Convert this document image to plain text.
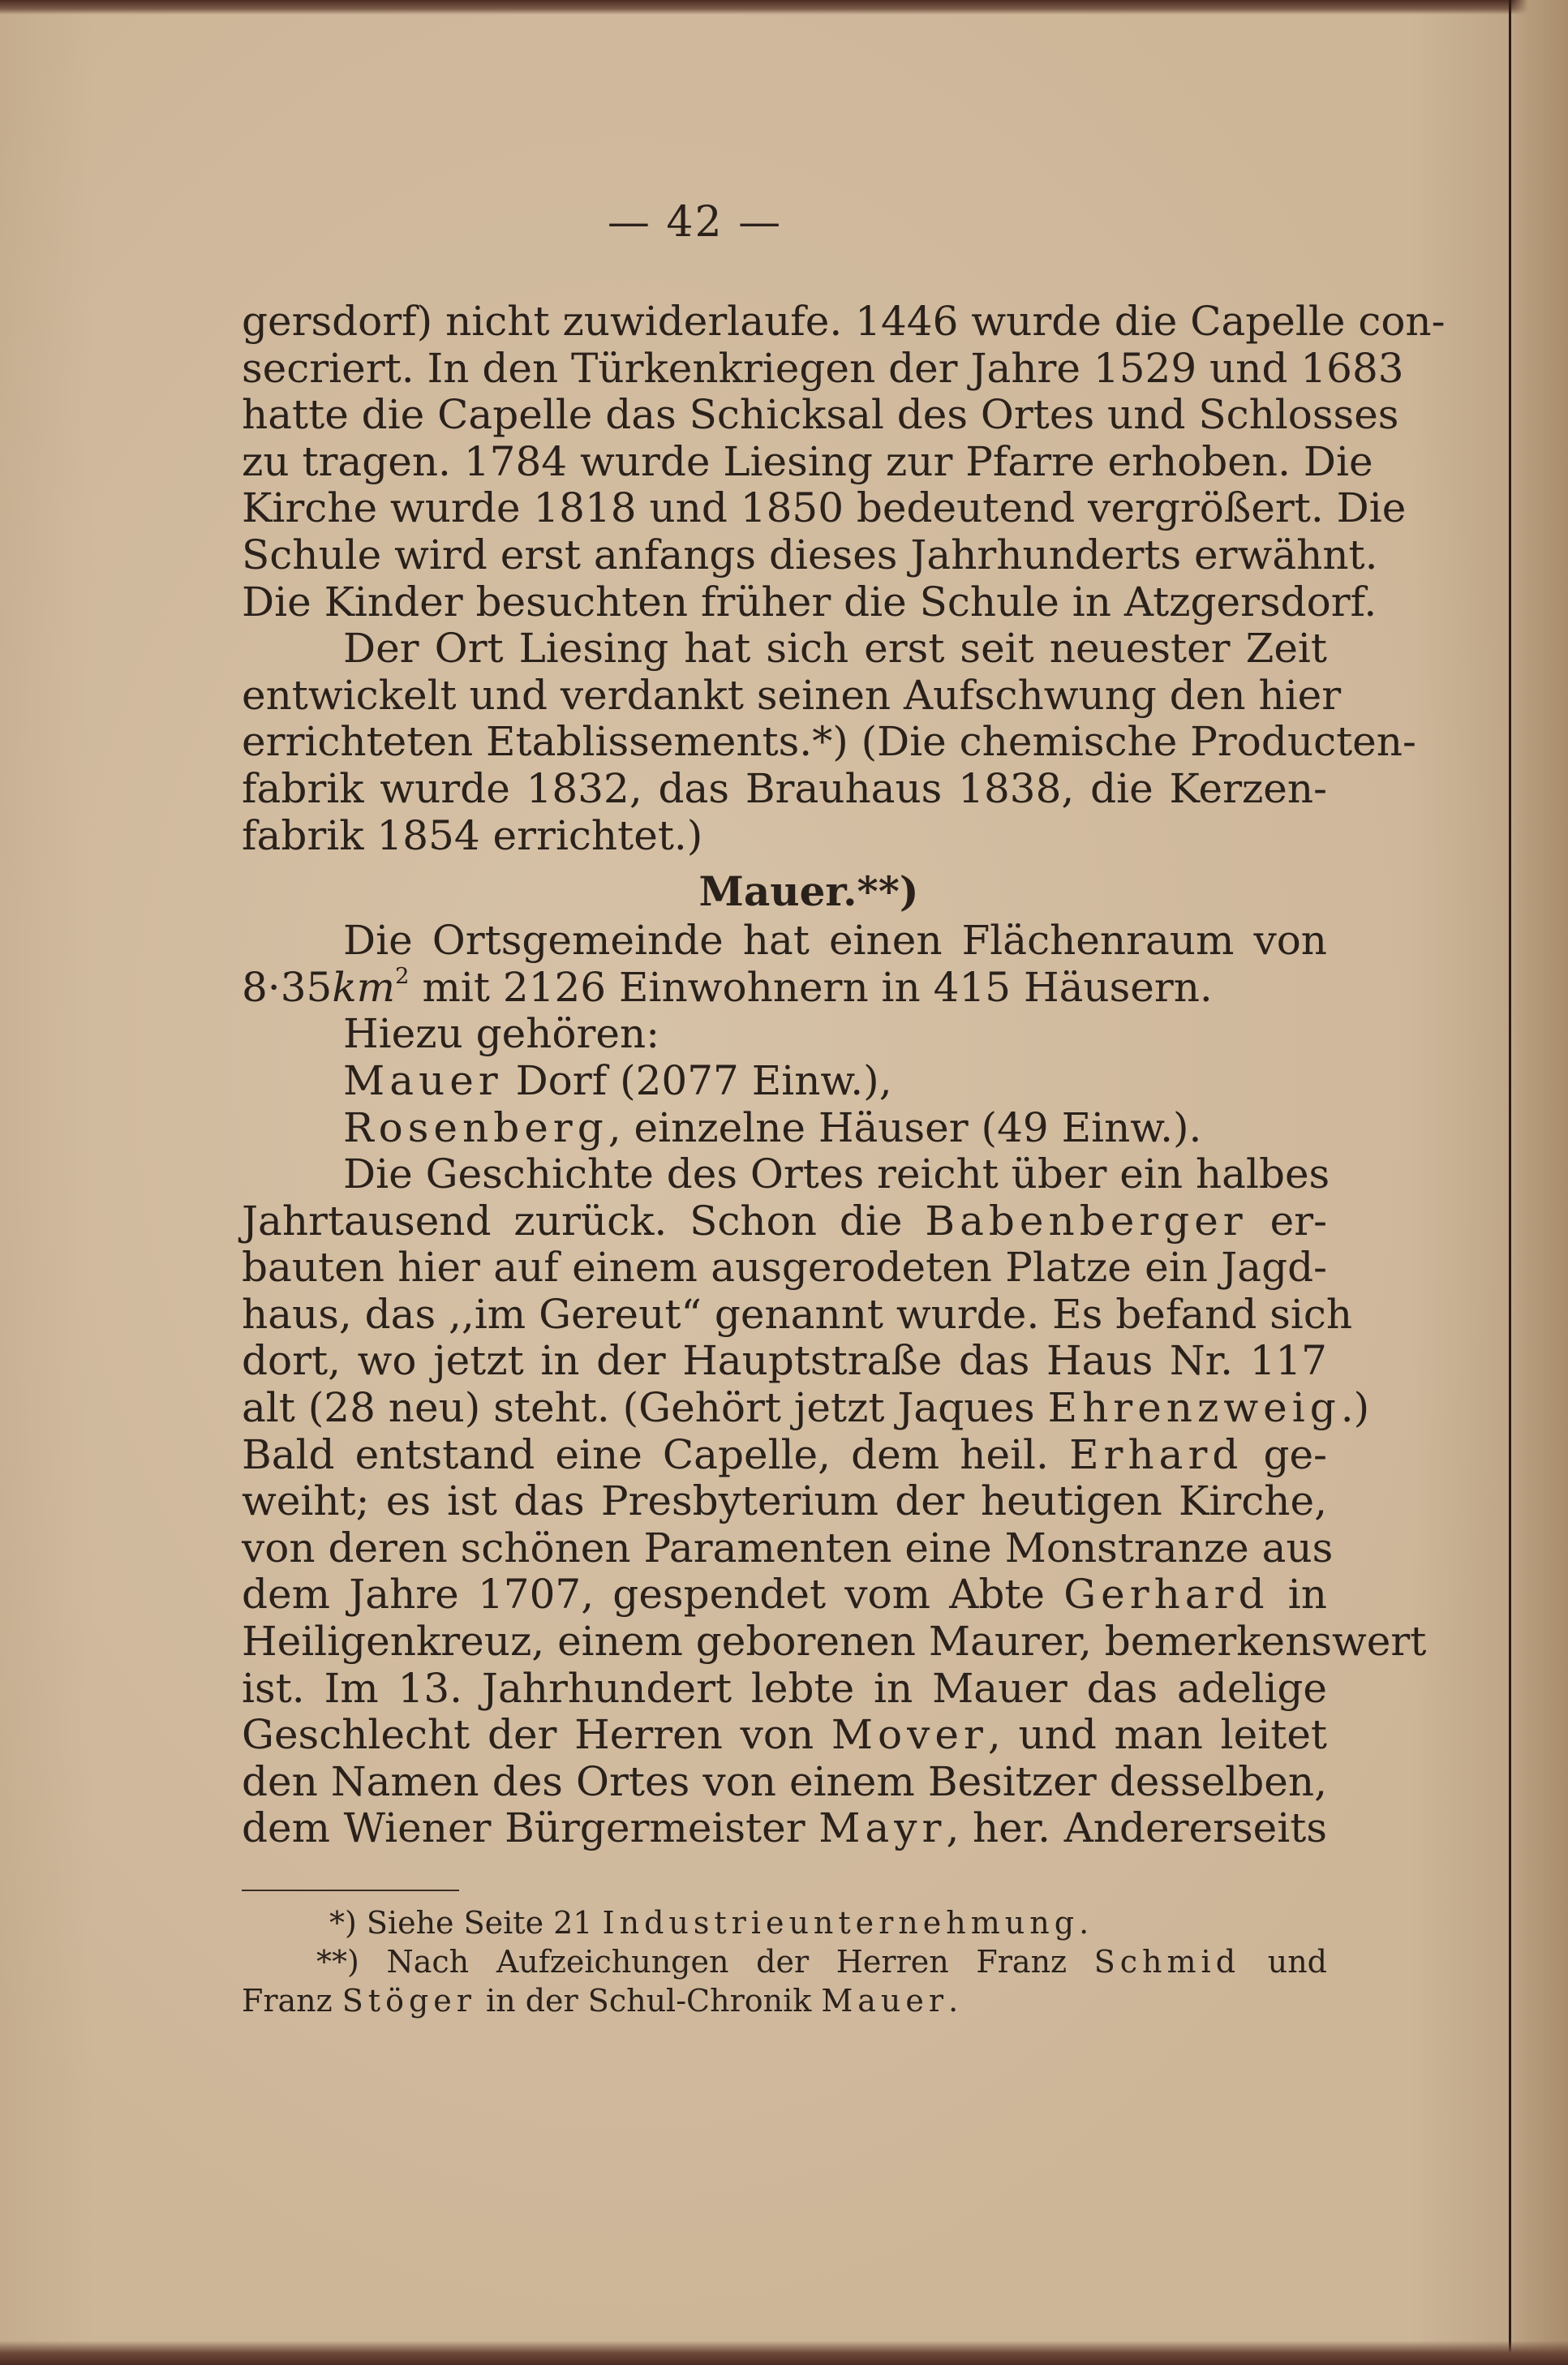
— 42 —
gersdorf) nicht zuwiderlaufe. 1446 wurde die Capelle con-
secriert. In den Türkenkriegen der Jahre 1529 und 1683
hatte die Capelle das Schicksal des Ortes und Schlosses
zu tragen. 1784 wurde Liesing zur Pfarre erhoben. Die
Kirche wurde 1818 und 1850 bedeutend vergrößert. Die
Schule wird erst anfangs dieses Jahrhunderts erwähnt.
Die Kinder besuchten früher die Schule in Atzgersdorf.
Der Ort Liesing hat sich erst seit neuester Zeit
entwickelt und verdankt seinen Aufschwung den hier
errichteten Etablissements.*) (Die chemische Producten-
fabrik wurde 1832, das Brauhaus 1838, die Kerzen-
fabrik 1854 errichtet.)
Mauer.**)
Die Ortsgemeinde hat einen Flächenraum von
$8\cdot 35km^2$ mit 2126 Einwohnern in 415 Häusern.
Hiezu gehören:
Mauer Dorf (2077 Einw.),
Rosenberg, einzelne Häuser (49 Einw.).
Die Geschichte des Ortes reicht über ein halbes
Jahrtausend zurück. Schon die Babenberger er-
bauten hier auf einem ausgerodeten Platze ein Jagd-
haus, das ,,im Gereut“ genannt wurde. Es befand sich
dort, wo jetzt in der Hauptstraße das Haus Nr. 117
alt (28 neu) steht. (Gehört jetzt Jaques Ehrenzweig.)
Bald entstand eine Capelle, dem heil. Erhard ge-
weiht; es ist das Presbyterium der heutigen Kirche,
von deren schönen Paramenten eine Monstranze aus
dem Jahre 1707, gespendet vom Abte Gerhard in
Heiligenkreuz, einem geborenen Maurer, bemerkenswert
ist. Im 13. Jahrhundert lebte in Mauer das adelige
Geschlecht der Herren von Mover, und man leitet
den Namen des Ortes von einem Besitzer desselben,
dem Wiener Bürgermeister Mayr, her. Andererseits
*) Siehe Seite 21 Industrieunternehmung.
**) Nach Aufzeichungen der Herren Franz Schmid und
Franz Stöger in der Schul-Chronik Mauer.
